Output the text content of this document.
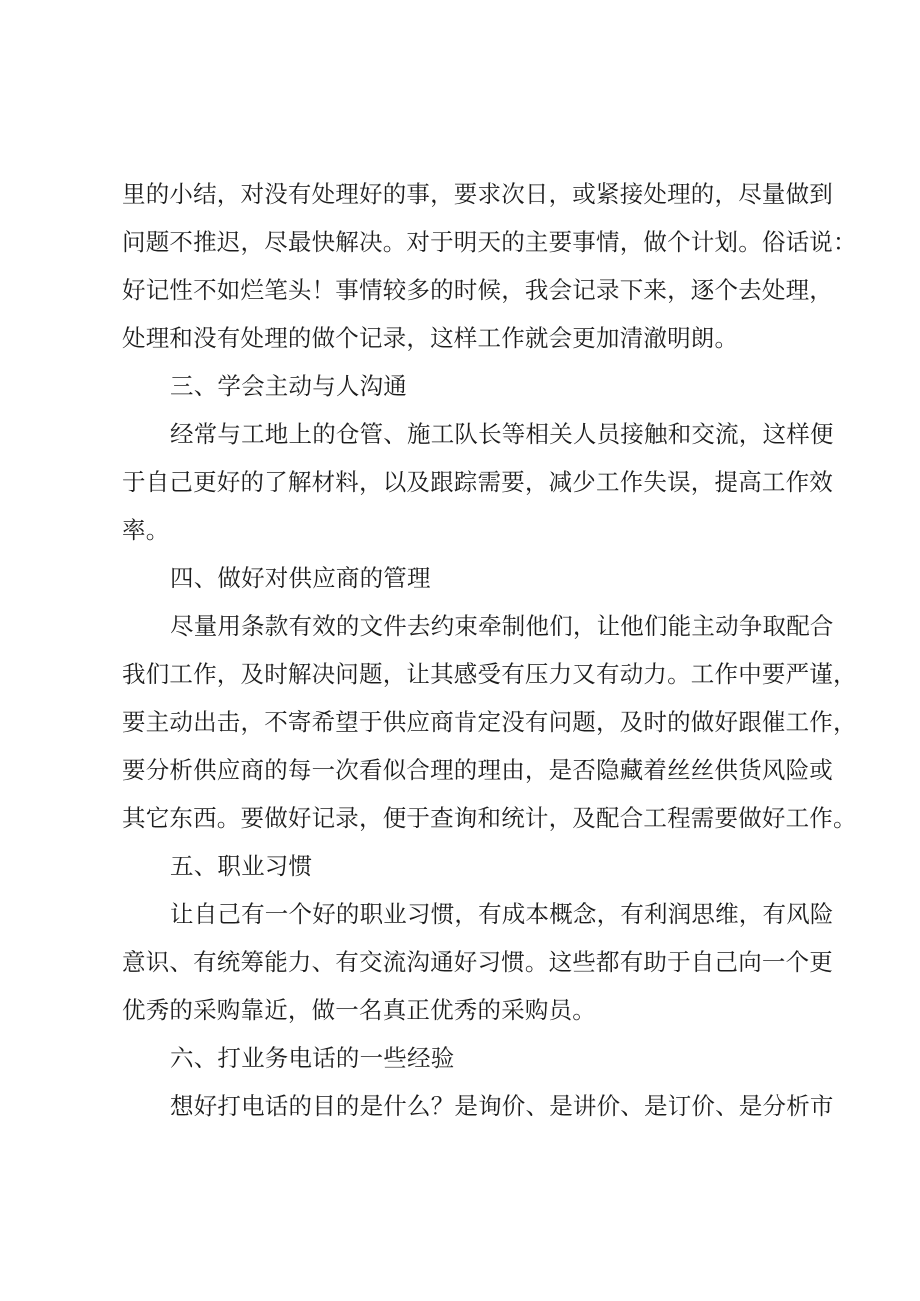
里的小结，对没有处理好的事，要求次日，或紧接处理的，尽量做到
问题不推迟，尽最快解决。对于明天的主要事情，做个计划。俗话说：
好记性不如烂笔头！事情较多的时候，我会记录下来，逐个去处理，
处理和没有处理的做个记录，这样工作就会更加清澈明朗。
三、学会主动与人沟通
经常与工地上的仓管、施工队长等相关人员接触和交流，这样便
于自己更好的了解材料，以及跟踪需要，减少工作失误，提高工作效
率。
四、做好对供应商的管理
尽量用条款有效的文件去约束牵制他们，让他们能主动争取配合
我们工作，及时解决问题，让其感受有压力又有动力。工作中要严谨，
要主动出击，不寄希望于供应商肯定没有问题，及时的做好跟催工作，
要分析供应商的每一次看似合理的理由，是否隐藏着丝丝供货风险或
其它东西。要做好记录，便于查询和统计，及配合工程需要做好工作。
五、职业习惯
让自己有一个好的职业习惯，有成本概念，有利润思维，有风险
意识、有统筹能力、有交流沟通好习惯。这些都有助于自己向一个更
优秀的采购靠近，做一名真正优秀的采购员。
六、打业务电话的一些经验
想好打电话的目的是什么？是询价、是讲价、是订价、是分析市
